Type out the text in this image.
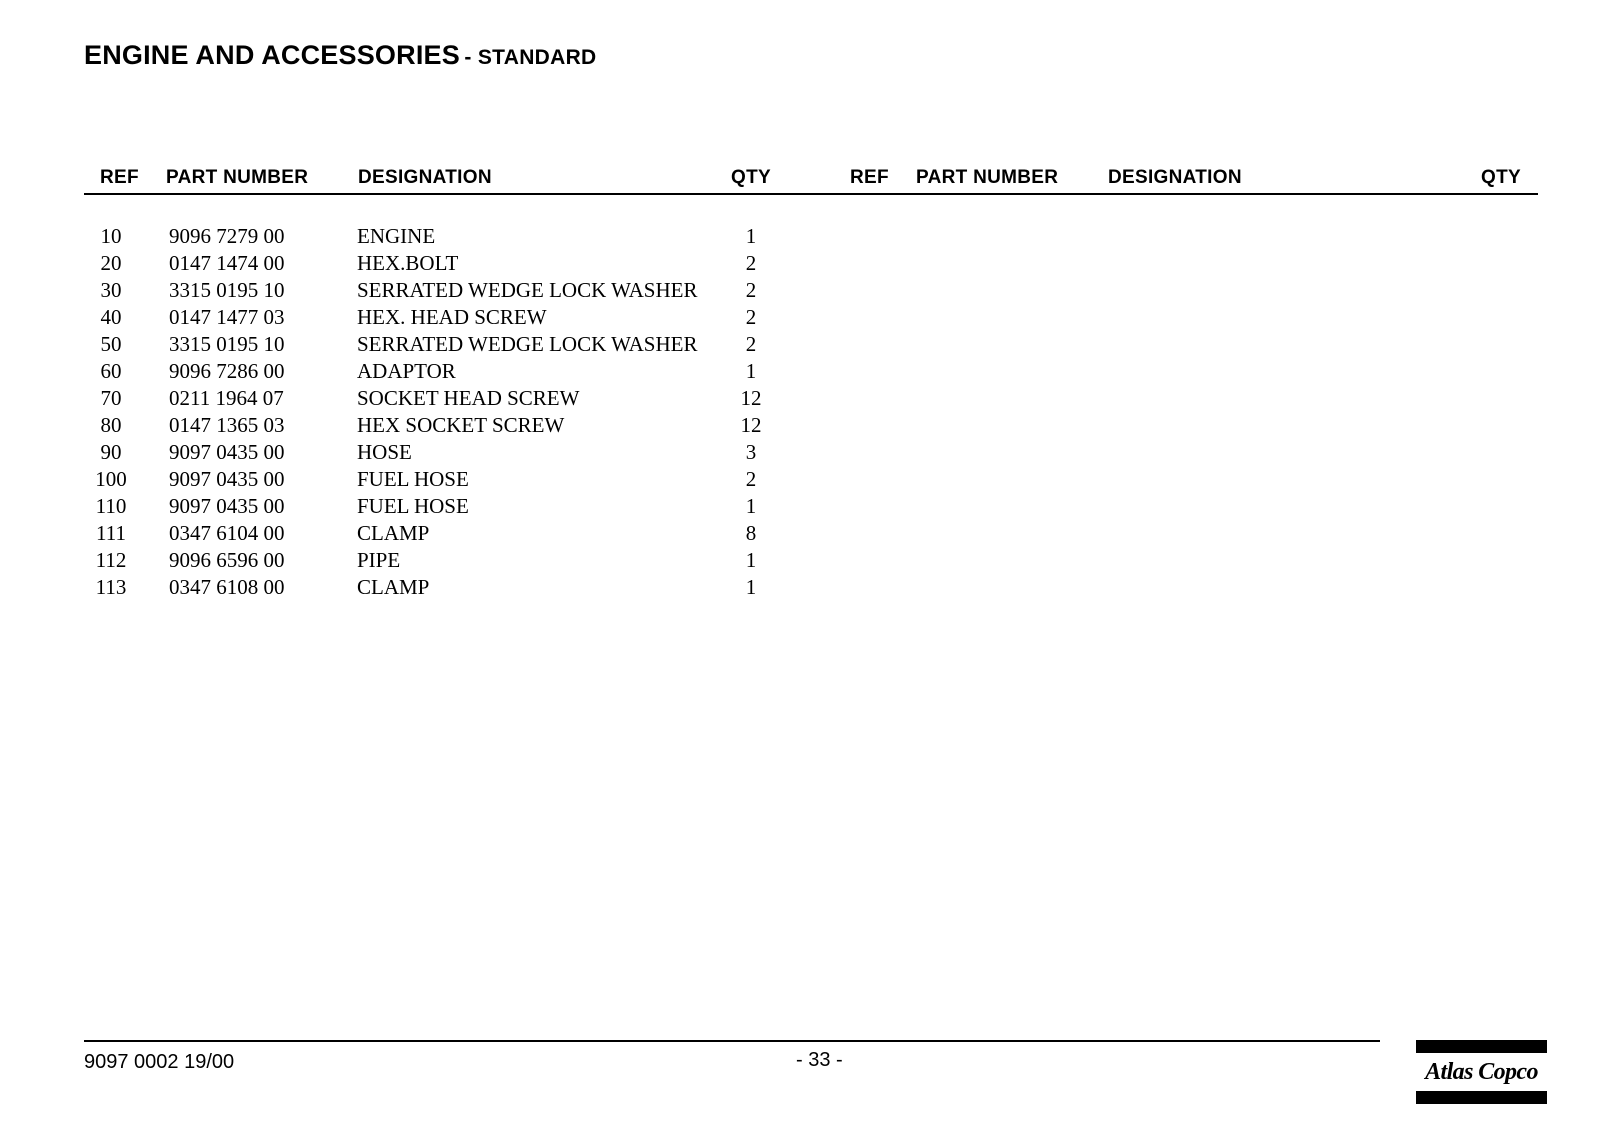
ENGINE AND ACCESSORIES - STANDARD
REF PART NUMBER	DESIGNATION	QTY	REF PART NUMBER	DESIGNATION	QTY
10	9096 7279 00	ENGINE	1
20	0147 1474 00	HEX.BOLT	2
30	3315 0195 10	SERRATED WEDGE LOCK WASHER	2
40	0147 1477 03	HEX. HEAD SCREW	2
50	3315 0195 10	SERRATED WEDGE LOCK WASHER	2
60	9096 7286 00	ADAPTOR	1
70	0211 1964 07	SOCKET HEAD SCREW	12
80	0147 1365 03	HEX SOCKET SCREW	12
90	9097 0435 00	HOSE	3
100	9097 0435 00	FUEL HOSE	2
110	9097 0435 00	FUEL HOSE	1
111	0347 6104 00	CLAMP	8
112	9096 6596 00	PIPE	1
113	0347 6108 00	CLAMP	1
9097 0002 19/00	- 33 -	Atlas Copco
